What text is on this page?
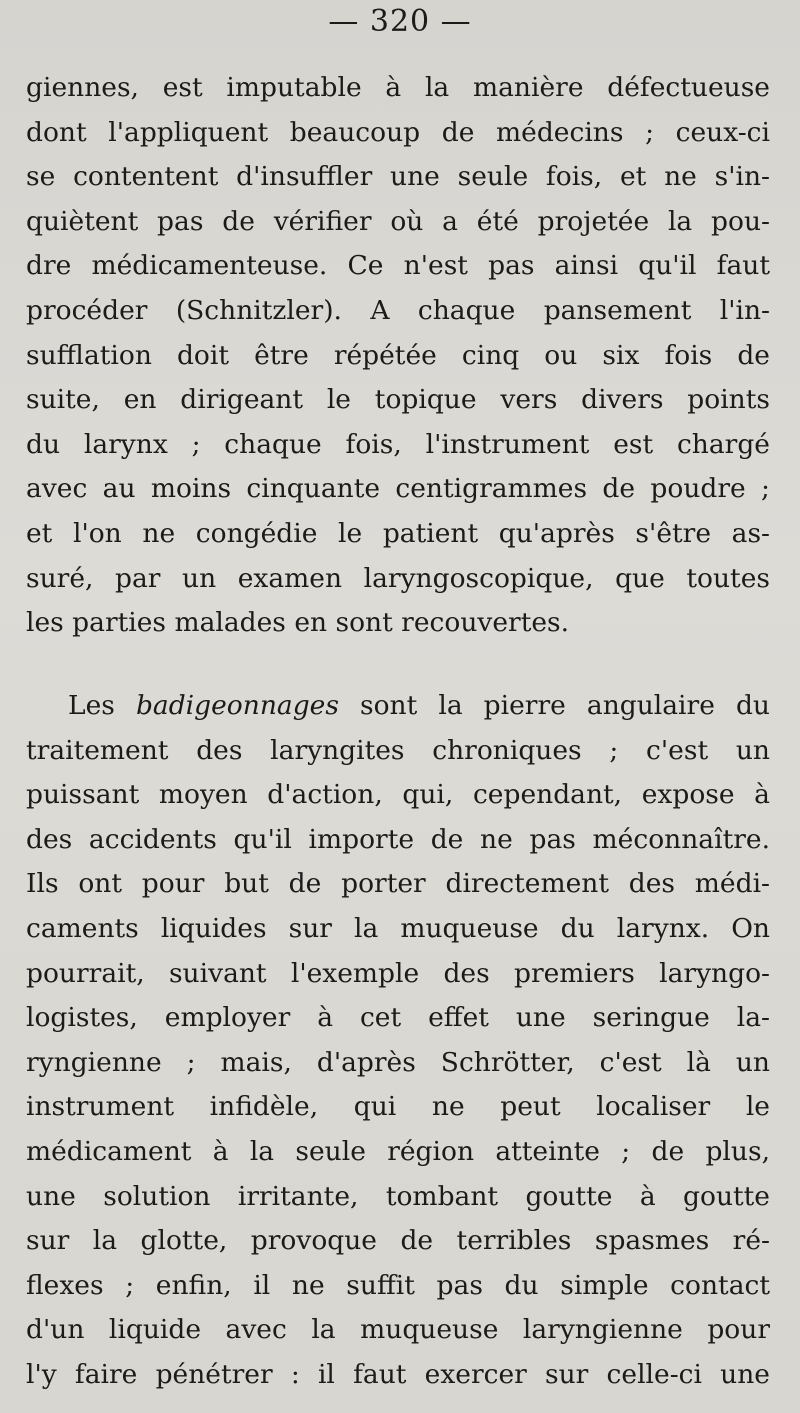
— 320 —
giennes, est imputable à la manière défectueuse
dont l'appliquent beaucoup de médecins ; ceux-ci
se contentent d'insuffler une seule fois, et ne s'in-
quiètent pas de vérifier où a été projetée la pou-
dre médicamenteuse. Ce n'est pas ainsi qu'il faut
procéder (Schnitzler). A chaque pansement l'in-
sufflation doit être répétée cinq ou six fois de
suite, en dirigeant le topique vers divers points
du larynx ; chaque fois, l'instrument est chargé
avec au moins cinquante centigrammes de poudre ;
et l'on ne congédie le patient qu'après s'être as-
suré, par un examen laryngoscopique, que toutes
les parties malades en sont recouvertes.
Les badigeonnages sont la pierre angulaire du
traitement des laryngites chroniques ; c'est un
puissant moyen d'action, qui, cependant, expose à
des accidents qu'il importe de ne pas méconnaître.
Ils ont pour but de porter directement des médi-
caments liquides sur la muqueuse du larynx. On
pourrait, suivant l'exemple des premiers laryngo-
logistes, employer à cet effet une seringue la-
ryngienne ; mais, d'après Schrötter, c'est là un
instrument infidèle, qui ne peut localiser le
médicament à la seule région atteinte ; de plus,
une solution irritante, tombant goutte à goutte
sur la glotte, provoque de terribles spasmes ré-
flexes ; enfin, il ne suffit pas du simple contact
d'un liquide avec la muqueuse laryngienne pour
l'y faire pénétrer : il faut exercer sur celle-ci une
